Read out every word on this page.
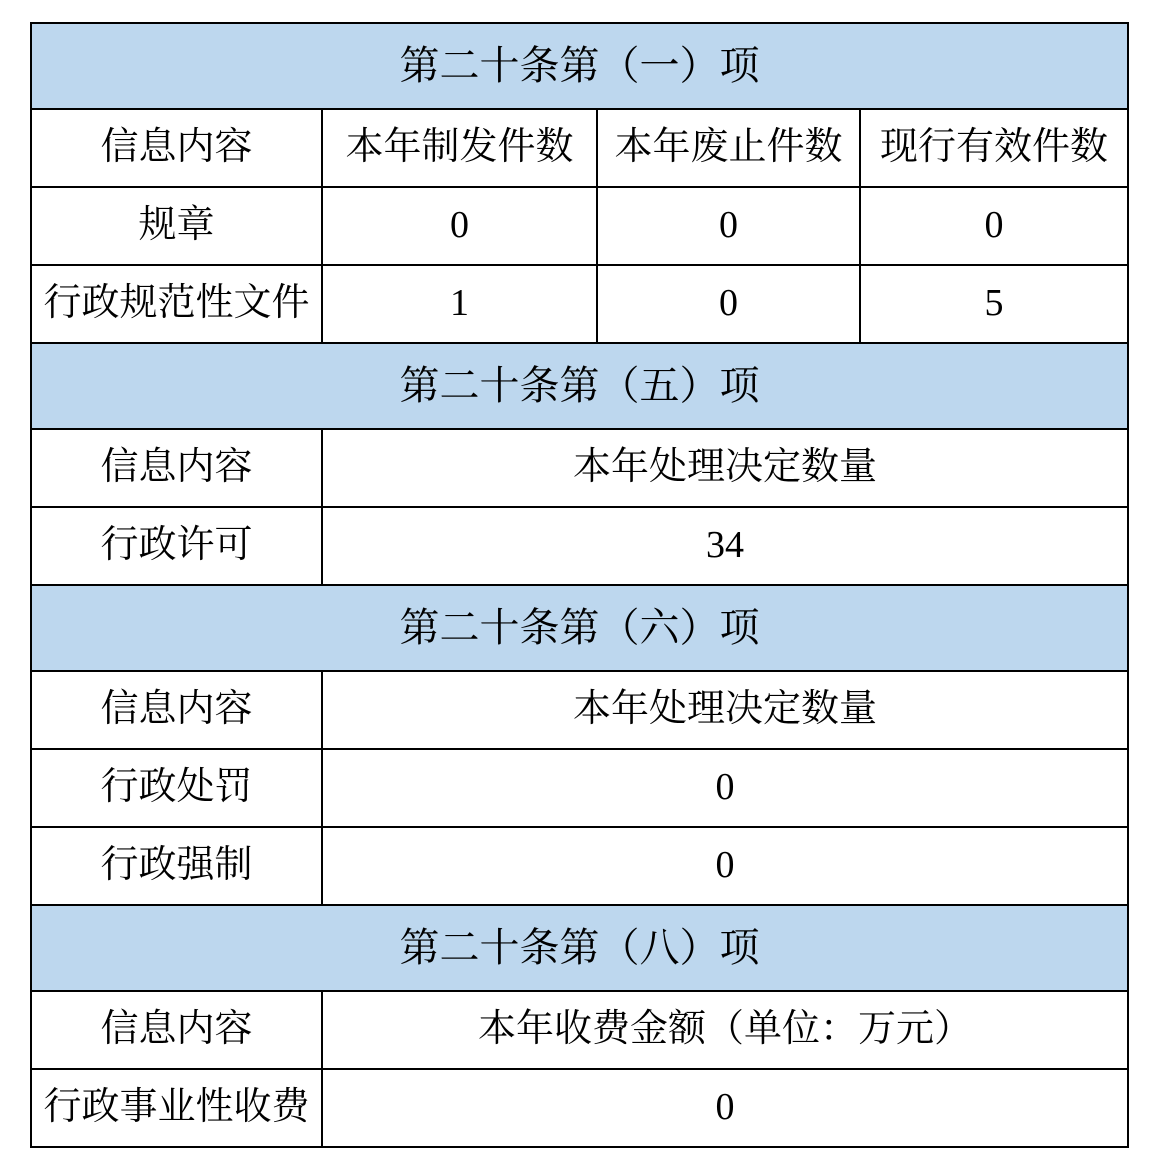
第二十条第（一）项			
信息内容	本年制发件数	本年废止件数	现行有效件数
规章	0	0	0
行政规范性文件	1	0	5
第二十条第（五）项			
信息内容	本年处理决定数量		
行政许可	34		
第二十条第（六）项			
信息内容	本年处理决定数量		
行政处罚	0		
行政强制	0		
第二十条第（八）项			
信息内容	本年收费金额（单位：万元）		
行政事业性收费	0		
